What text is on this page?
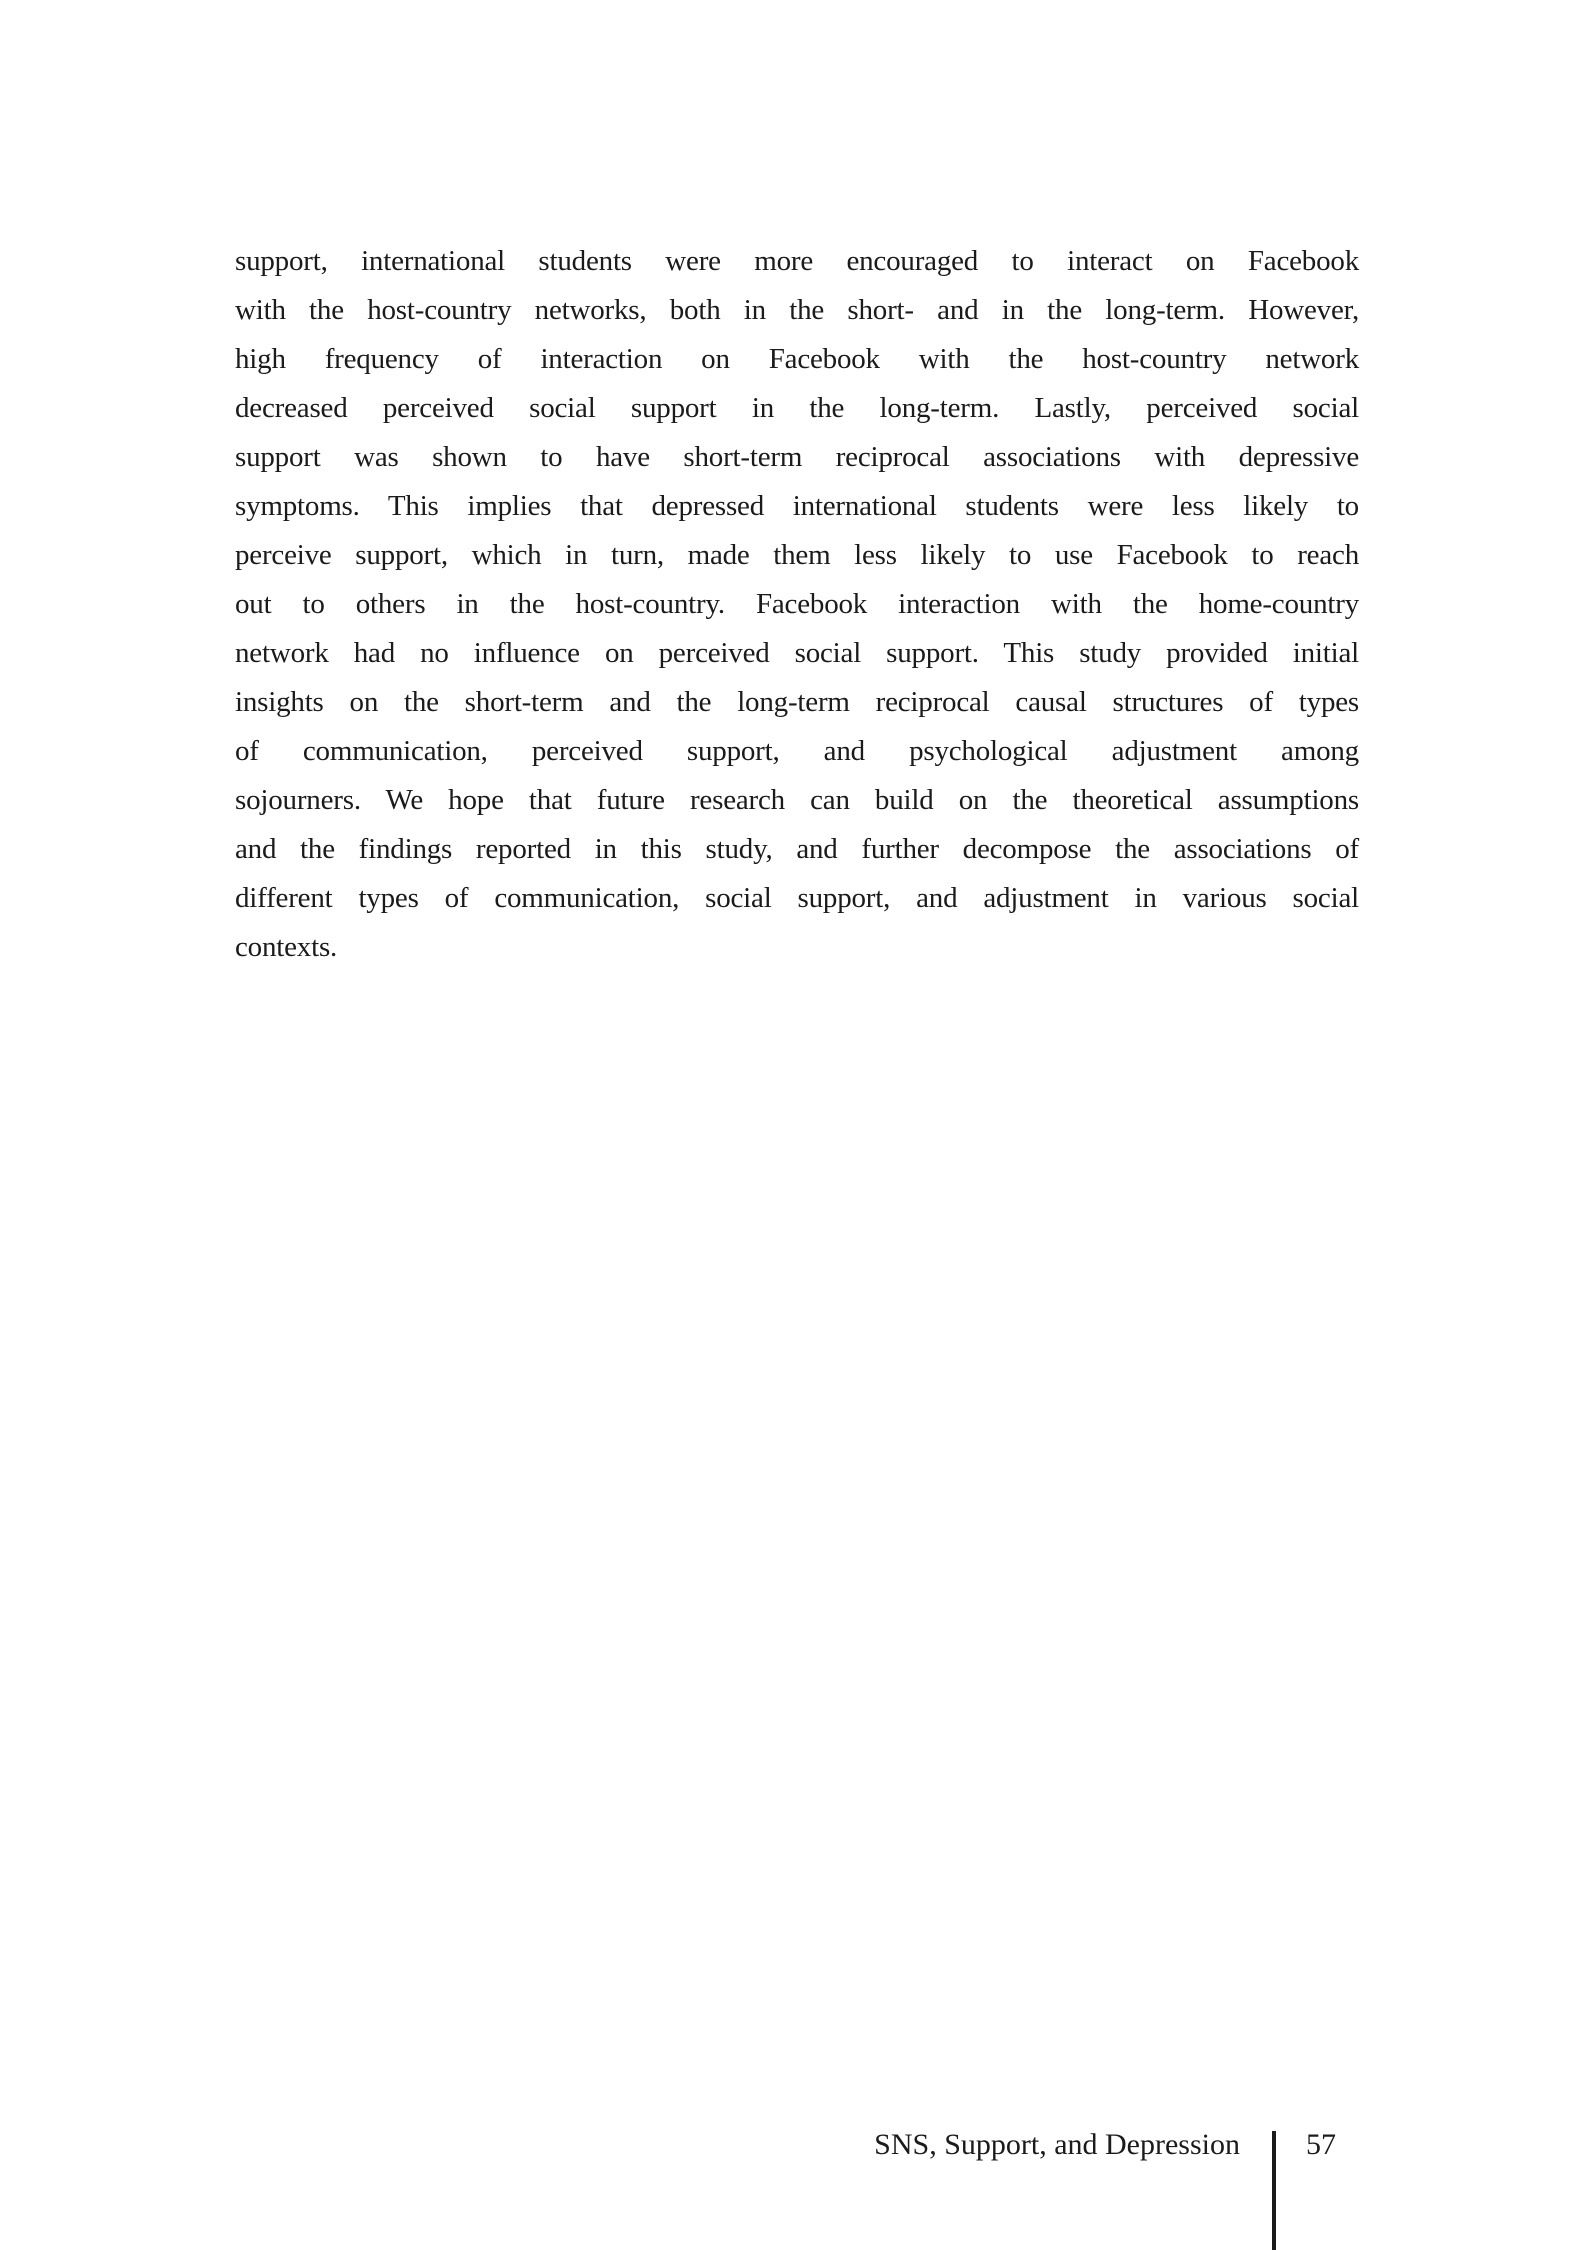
support, international students were more encouraged to interact on Facebook
with the host-country networks, both in the short- and in the long-term. However,
high frequency of interaction on Facebook with the host-country network
decreased perceived social support in the long-term. Lastly, perceived social
support was shown to have short-term reciprocal associations with depressive
symptoms. This implies that depressed international students were less likely to
perceive support, which in turn, made them less likely to use Facebook to reach
out to others in the host-country. Facebook interaction with the home-country
network had no influence on perceived social support. This study provided initial
insights on the short-term and the long-term reciprocal causal structures of types
of communication, perceived support, and psychological adjustment among
sojourners. We hope that future research can build on the theoretical assumptions
and the findings reported in this study, and further decompose the associations of
different types of communication, social support, and adjustment in various social
contexts.
SNS, Support, and Depression 57
